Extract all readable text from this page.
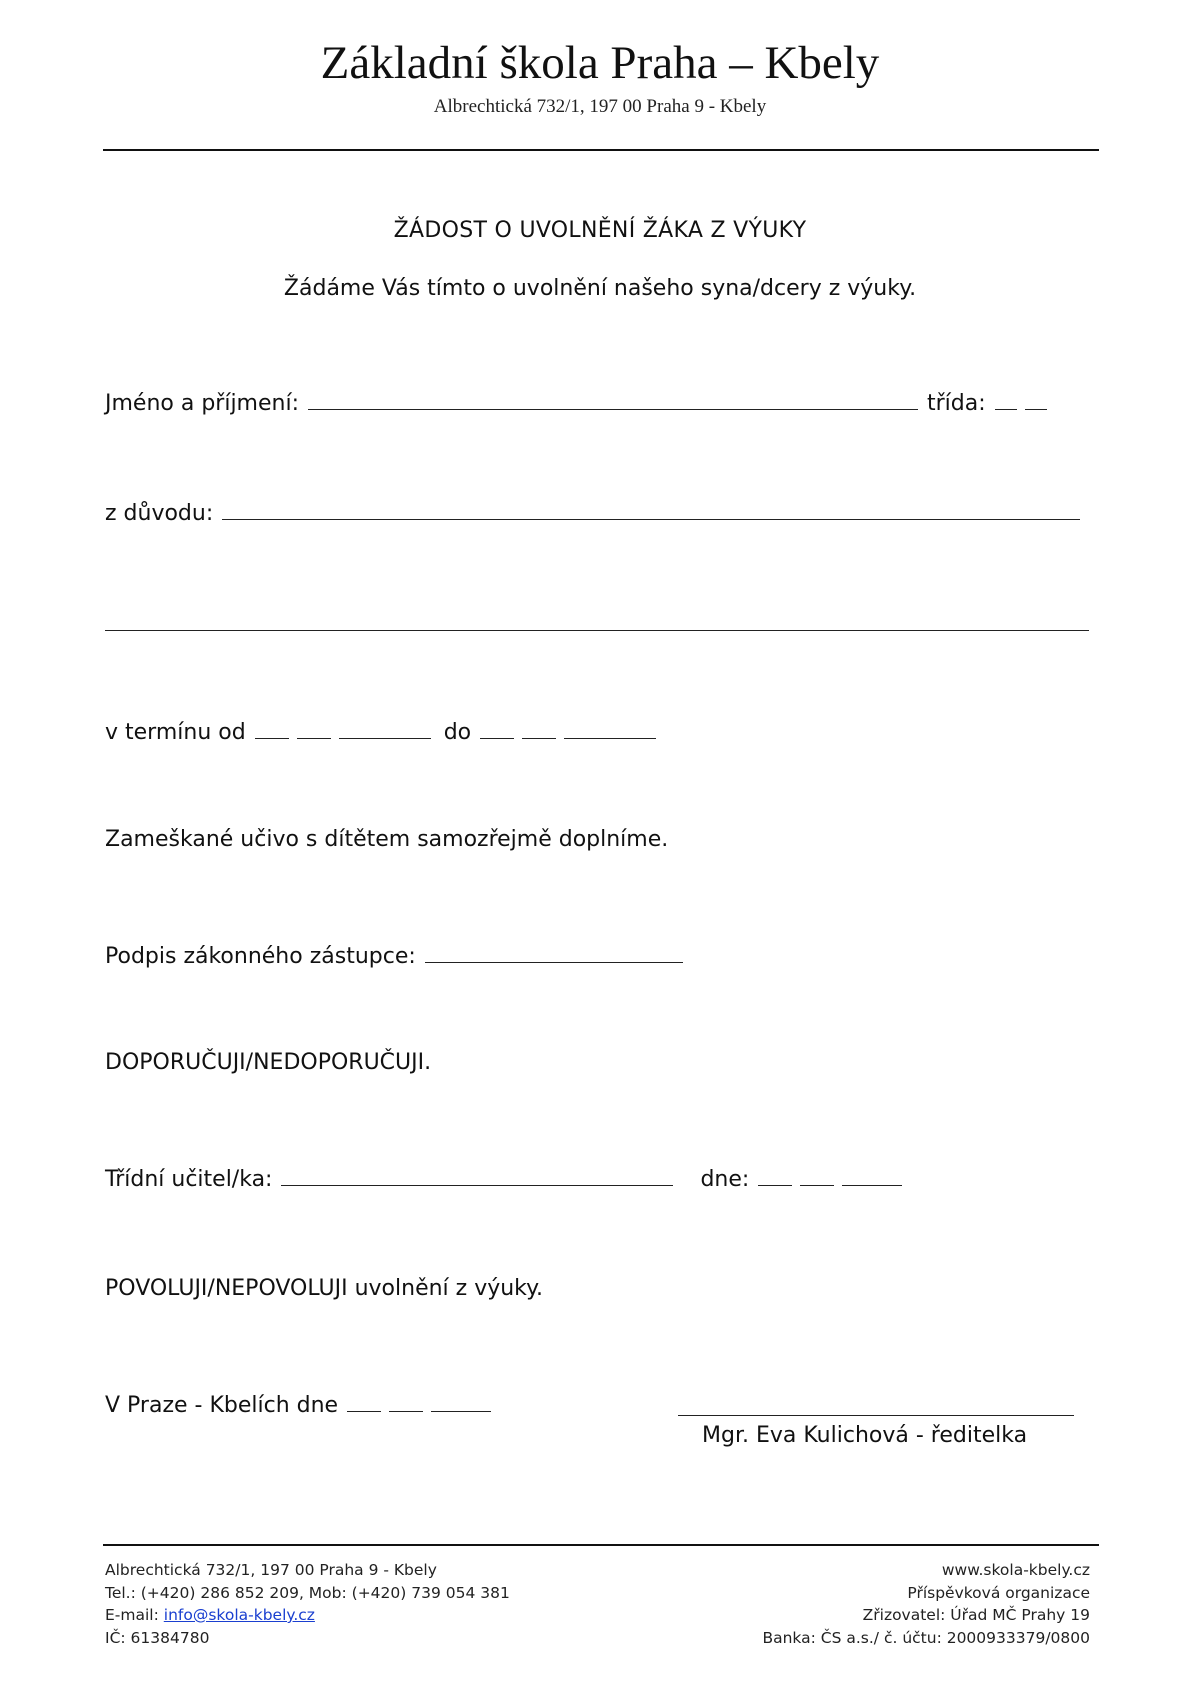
Základní škola Praha – Kbely
Albrechtická 732/1, 197 00 Praha 9 - Kbely
ŽÁDOST O UVOLNĚNÍ ŽÁKA Z VÝUKY
Žádáme Vás tímto o uvolnění našeho syna/dcery z výuky.
Jméno a příjmení:	třída:
z důvodu:
v termínu od	do
Zameškané učivo s dítětem samozřejmě doplníme.
Podpis zákonného zástupce:
DOPORUČUJI/NEDOPORUČUJI.
Třídní učitel/ka:	dne:
POVOLUJI/NEPOVOLUJI uvolnění z výuky.
V Praze - Kbelích dne
Mgr. Eva Kulichová - ředitelka
Albrechtická 732/1, 197 00 Praha 9 - Kbely
Tel.: (+420) 286 852 209, Mob: (+420) 739 054 381
E-mail: info@skola-kbely.cz
IČ: 61384780
www.skola-kbely.cz
Příspěvková organizace
Zřizovatel: Úřad MČ Prahy 19
Banka: ČS a.s./ č. účtu: 2000933379/0800
